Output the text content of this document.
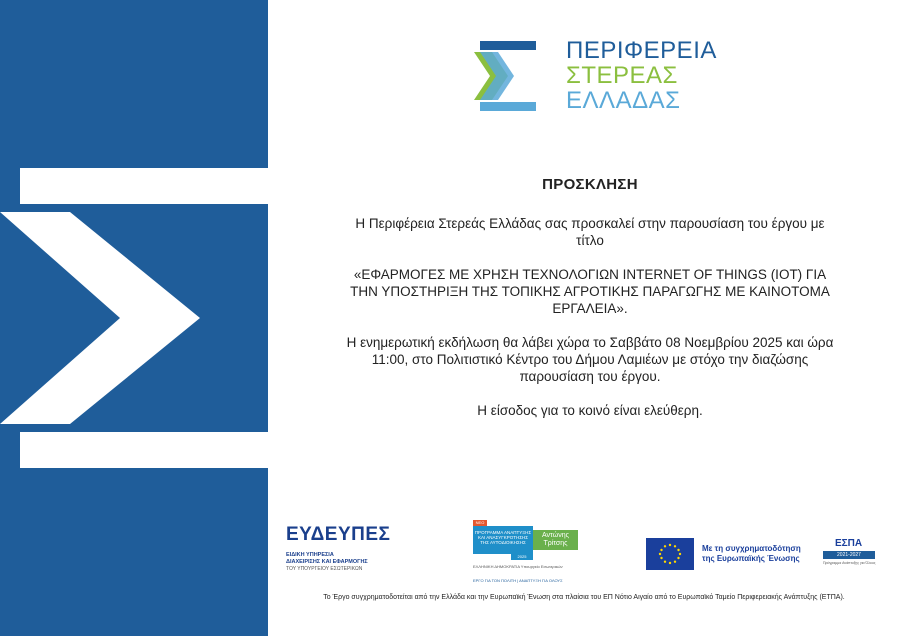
ΠΕΡΙΦΕΡΕΙΑ
ΣΤΕΡΕΑΣ
ΕΛΛΑΔΑΣ
ΠΡΟΣΚΛΗΣΗ
Η Περιφέρεια Στερεάς Ελλάδας σας προσκαλεί στην παρουσίαση του έργου με τίτλο
«ΕΦΑΡΜΟΓΕΣ ΜΕ ΧΡΗΣΗ ΤΕΧΝΟΛΟΓΙΩΝ INTERNET OF THINGS (IOT) ΓΙΑ ΤΗΝ ΥΠΟΣΤΗΡΙΞΗ ΤΗΣ ΤΟΠΙΚΗΣ ΑΓΡΟΤΙΚΗΣ ΠΑΡΑΓΩΓΗΣ ΜΕ ΚΑΙΝΟΤΟΜΑ ΕΡΓΑΛΕΙΑ».
Η ενημερωτική εκδήλωση θα λάβει χώρα το Σαββάτο 08 Νοεμβρίου 2025 και ώρα 11:00, στο Πολιτιστικό Κέντρο του Δήμου Λαμιέων με στόχο την διαζώσης παρουσίαση του έργου.
Η είσοδος για το κοινό είναι ελεύθερη.
ΕΥΔΕΥΠΕΣ
ΕΙΔΙΚΗ ΥΠΗΡΕΣΙΑ
ΔΙΑΧΕΙΡΙΣΗΣ ΚΑΙ ΕΦΑΡΜΟΓΗΣ
ΤΟΥ ΥΠΟΥΡΓΕΙΟΥ ΕΣΩΤΕΡΙΚΩΝ
ΝΕΟ
ΠΡΟΓΡΑΜΜΑ ΑΝΑΠΤΥΞΗΣ ΚΑΙ ΑΝΑΣΥΓΚΡΟΤΗΣΗΣ ΤΗΣ ΑΥΤΟΔΙΟΙΚΗΣΗΣ
Αντώνης Τρίτσης
2025
ΕΛΛΗΝΙΚΗ ΔΗΜΟΚΡΑΤΙΑ Υπουργείο Εσωτερικών
ΕΡΓΟ ΓΙΑ ΤΟΝ ΠΟΛΙΤΗ | ΑΝΑΠΤΥΞΗ ΓΙΑ ΟΛΟΥΣ
Με τη συγχρηματοδότηση
της Ευρωπαϊκής Ένωσης
ΕΣΠΑ
2021-2027
Πρόγραμμα Ανάπτυξης για Όλους
Το Έργο συγχρηματοδοτείται από την Ελλάδα και την Ευρωπαϊκή Ένωση στα πλαίσια του ΕΠ Νότιο Αιγαίο από το Ευρωπαϊκό Ταμείο Περιφερειακής Ανάπτυξης (ΕΤΠΑ).
